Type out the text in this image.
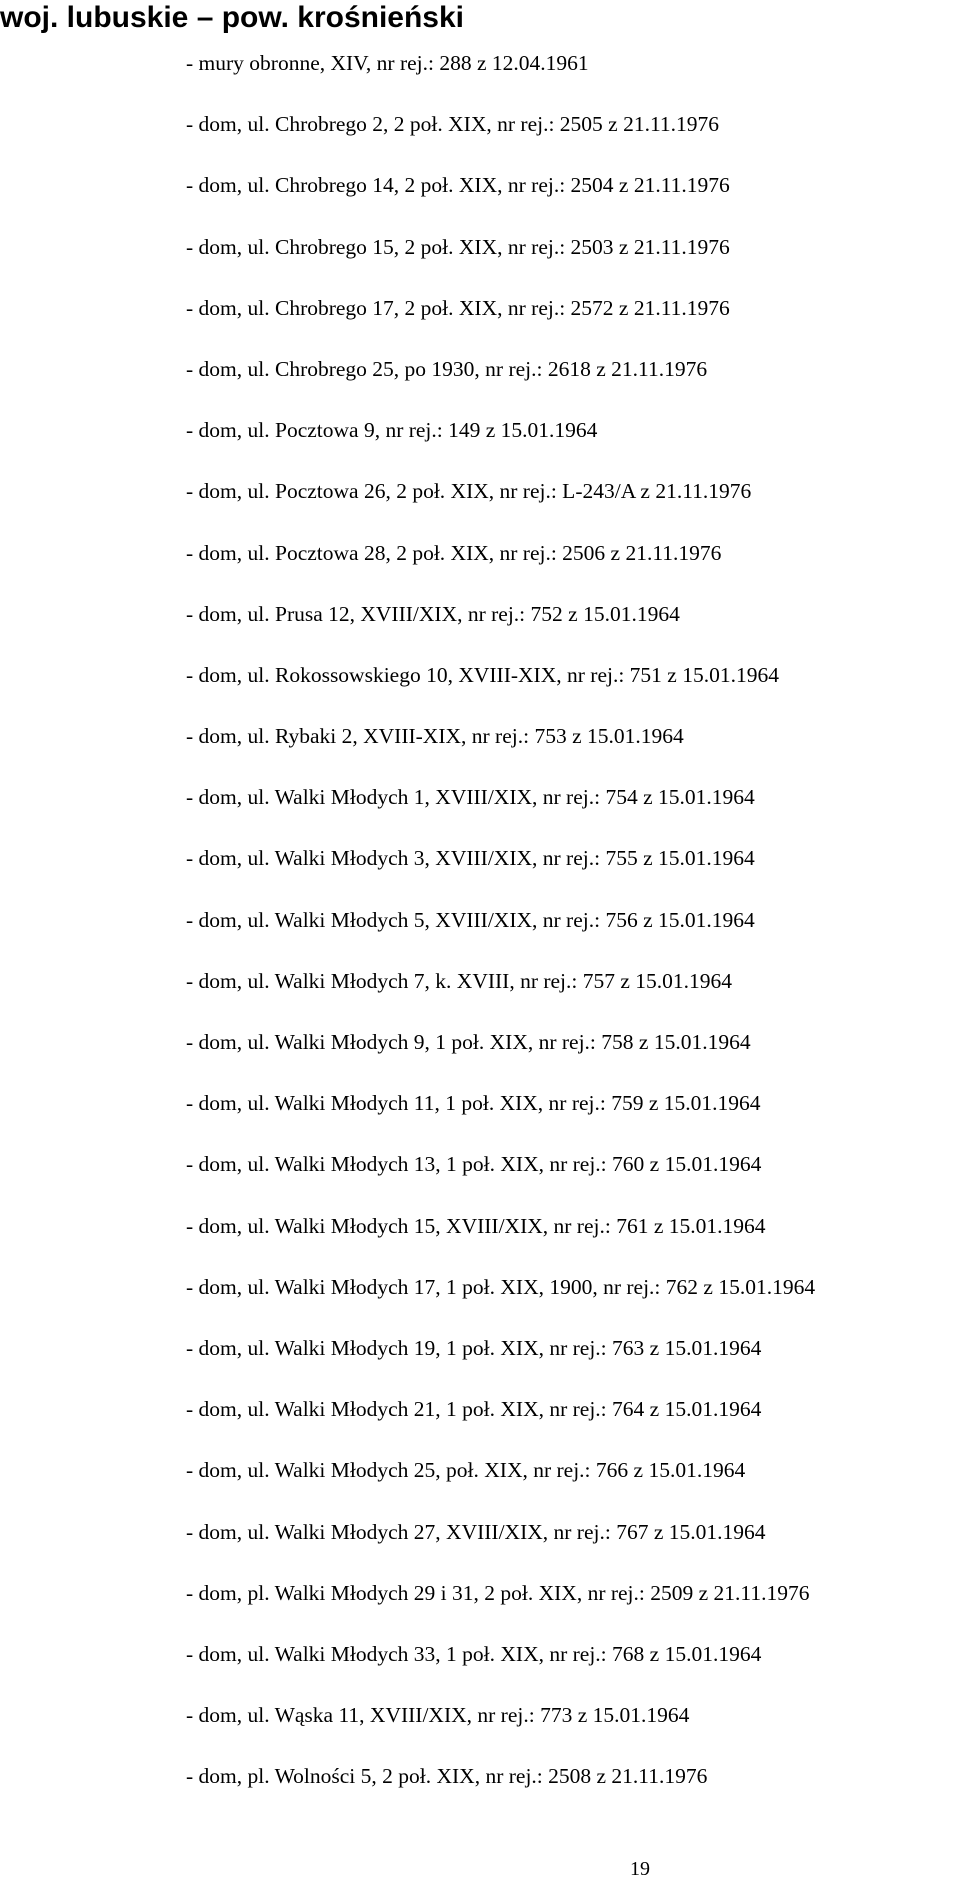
woj. lubuskie – pow. krośnieński
- mury obronne, XIV, nr rej.: 288 z 12.04.1961
- dom, ul. Chrobrego 2, 2 poł. XIX, nr rej.: 2505 z 21.11.1976
- dom, ul. Chrobrego 14, 2 poł. XIX, nr rej.: 2504 z 21.11.1976
- dom, ul. Chrobrego 15, 2 poł. XIX, nr rej.: 2503 z 21.11.1976
- dom, ul. Chrobrego 17, 2 poł. XIX, nr rej.: 2572 z 21.11.1976
- dom, ul. Chrobrego 25, po 1930, nr rej.: 2618 z 21.11.1976
- dom, ul. Pocztowa 9, nr rej.: 149 z 15.01.1964
- dom, ul. Pocztowa 26, 2 poł. XIX, nr rej.: L-243/A z 21.11.1976
- dom, ul. Pocztowa 28, 2 poł. XIX, nr rej.: 2506 z 21.11.1976
- dom, ul. Prusa 12, XVIII/XIX, nr rej.: 752 z 15.01.1964
- dom, ul. Rokossowskiego 10, XVIII-XIX, nr rej.: 751 z 15.01.1964
- dom, ul. Rybaki 2, XVIII-XIX, nr rej.: 753 z 15.01.1964
- dom, ul. Walki Młodych 1, XVIII/XIX, nr rej.: 754 z 15.01.1964
- dom, ul. Walki Młodych 3, XVIII/XIX, nr rej.: 755 z 15.01.1964
- dom, ul. Walki Młodych 5, XVIII/XIX, nr rej.: 756 z 15.01.1964
- dom, ul. Walki Młodych 7, k. XVIII, nr rej.: 757 z 15.01.1964
- dom, ul. Walki Młodych 9, 1 poł. XIX, nr rej.: 758 z 15.01.1964
- dom, ul. Walki Młodych 11, 1 poł. XIX, nr rej.: 759 z 15.01.1964
- dom, ul. Walki Młodych 13, 1 poł. XIX, nr rej.: 760 z 15.01.1964
- dom, ul. Walki Młodych 15, XVIII/XIX, nr rej.: 761 z 15.01.1964
- dom, ul. Walki Młodych 17, 1 poł. XIX, 1900, nr rej.: 762 z 15.01.1964
- dom, ul. Walki Młodych 19, 1 poł. XIX, nr rej.: 763 z 15.01.1964
- dom, ul. Walki Młodych 21, 1 poł. XIX, nr rej.: 764 z 15.01.1964
- dom, ul. Walki Młodych 25, poł. XIX, nr rej.: 766 z 15.01.1964
- dom, ul. Walki Młodych 27, XVIII/XIX, nr rej.: 767 z 15.01.1964
- dom, pl. Walki Młodych 29 i 31, 2 poł. XIX, nr rej.: 2509 z 21.11.1976
- dom, ul. Walki Młodych 33, 1 poł. XIX, nr rej.: 768 z 15.01.1964
- dom, ul. Wąska 11, XVIII/XIX, nr rej.: 773 z 15.01.1964
- dom, pl. Wolności 5, 2 poł. XIX, nr rej.: 2508 z 21.11.1976
19
